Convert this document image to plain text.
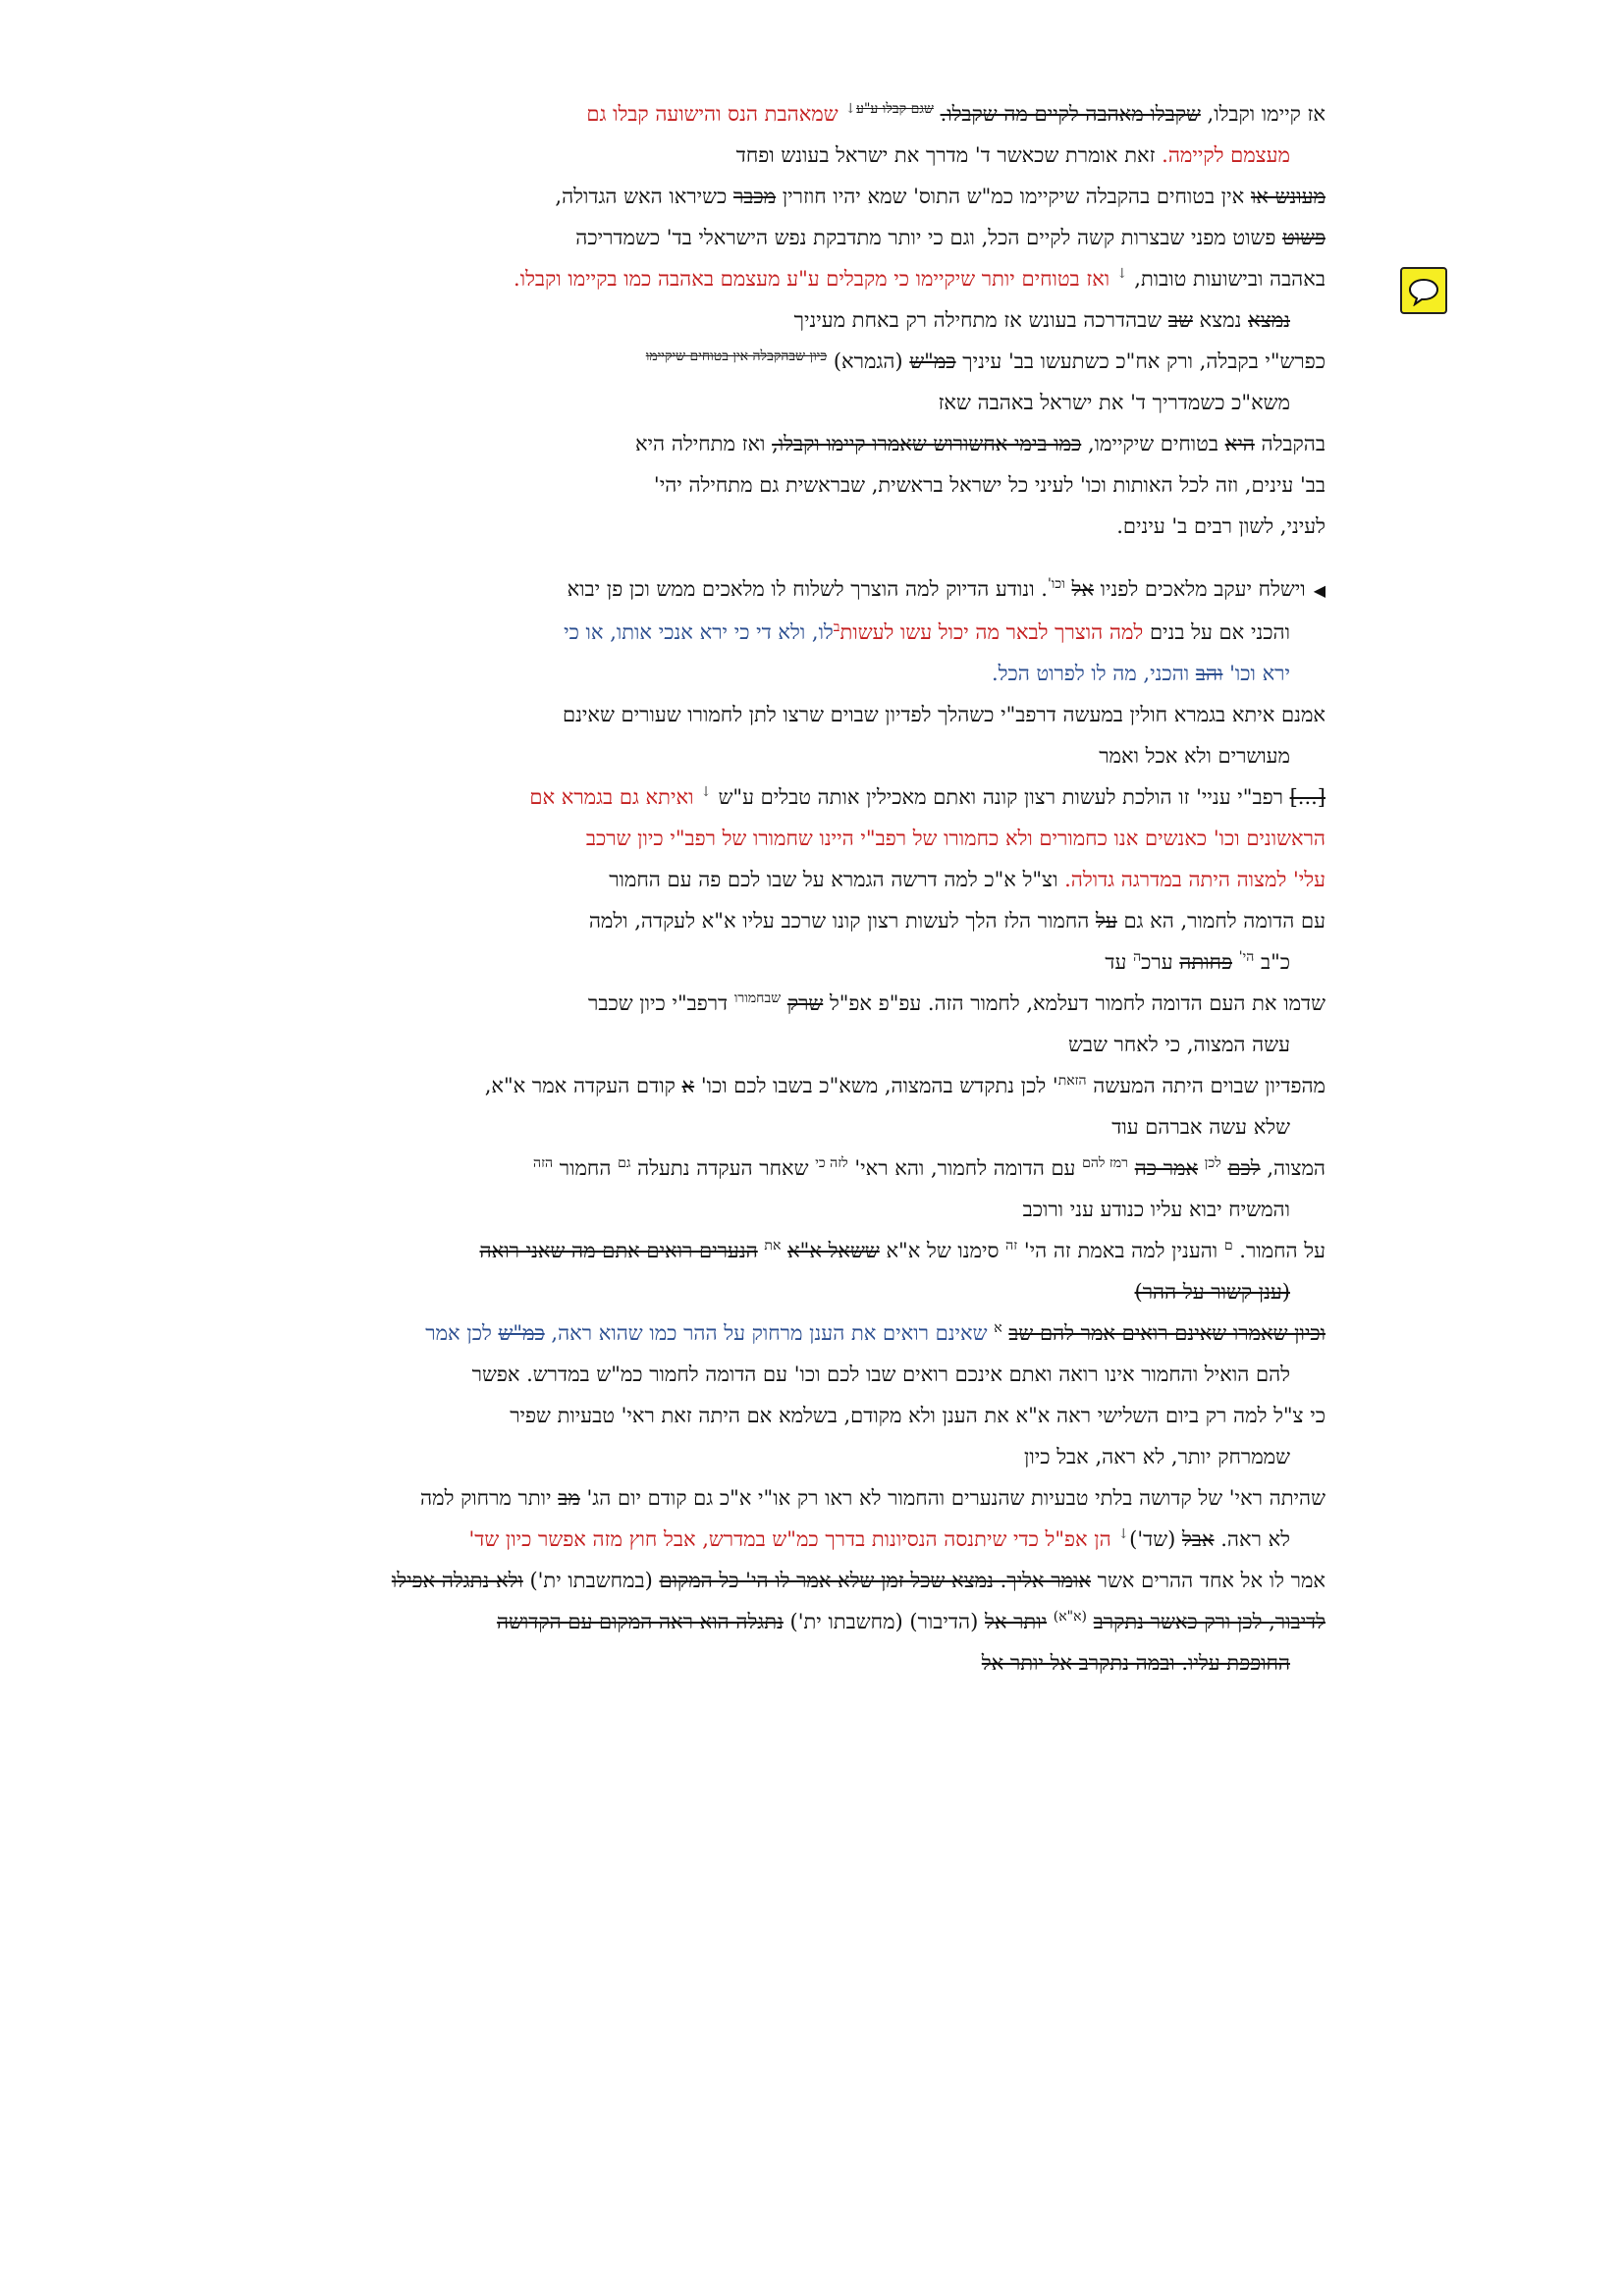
אז קיימו וקבלו, שקבלו מאהבה לקיים מה שקבלו. $^{שגם קבלו ע"ע↓}$ שמאהבת הנס והישועה קבלו גם
מעצמם לקיימה. זאת אומרת שכאשר ד' מדרך את ישראל בעונש ופחד
מעונש או אין בטוחים בהקבלה שיקיימו כמ"ש התוס' שמא יהיו חוזרין מכבר כשיראו האש הגדולה,
פשוט פשוט מפני שבצרות קשה לקיים הכל, וגם כי יותר מתדבקת נפש הישראלי בד' כשמדריכה
באהבה ובישועות טובות, ↓ ואז בטוחים יותר שיקיימו כי מקבלים ע"ע מעצמם באהבה כמו בקיימו וקבלו.
נמצא נמצא שב שבהדרכה בעונש אז מתחילה רק באחת מעיניך
כפרש"י בקבלה, ורק אח"כ כשתעשו בב' עיניך כמ"ש (הגמרא) $^{כיון שבהקבלה אין בטוחים שיקיימו}$
משא"כ כשמדריך ד' את ישראל באהבה שאז
בהקבלה היא בטוחים שיקיימו, כמו בימי אחשורוש שאמרו קיימו וקבלו, ואז מתחילה היא
בב' עינים, וזה לכל האותות וכו' לעיני כל ישראל בראשית, שבראשית גם מתחילה יהי'
לעיני, לשון רבים ב' עינים.
◀וישלח יעקב מלאכים לפניו אל $^{וכו'}$. ונודע הדיוק למה הוצרך לשלוח לו מלאכים ממש וכן פן יבוא
והכני אם על בנים למה הוצרך לבאר מה יכול עשו לעשות$^ב$לו, ולא די כי ירא אנכי אותו, או כי
ירא וכו' והב והכני, מה לו לפרוט הכל.
אמנם איתא בגמרא חולין במעשה דרפב"י כשהלך לפדיון שבוים שרצו לתן לחמורו שעורים שאינם
מעושרים ולא אכל ואמר
[...] רפב"י עניי' זו הולכת לעשות רצון קונה ואתם מאכילין אותה טבלים ע"ש ↓ ואיתא גם בגמרא אם
הראשונים וכו' כאנשים אנו כחמורים ולא כחמורו של רפב"י היינו שחמורו של רפב"י כיון שרכב
עלי' למצוה היתה במדרגה גדולה. וצ"ל א"כ למה דרשה הגמרא על שבו לכם פה עם החמור
עם הדומה לחמור, הא גם על החמור הלז הלך לעשות רצון קונו שרכב עליו א"א לעקדה, ולמה
כ"ב $^{הי'}$ פחותה ערכ$^ה$ עד
שדמו את העם הדומה לחמור דעלמא, לחמור הזה. עפ"פ אפ"ל שרק $^{שבחמורו}$ דרפב"י כיון שכבר
עשה המצוה, כי לאחר שבש
מהפדיון שבוים היתה המעשה $^{הזאת}$' לכן נתקדש בהמצוה, משא"כ בשבו לכם וכו' א קודם העקדה אמר א"א,
שלא עשה אברהם עוד
המצוה, לכם $^{לכן}$ אמר כה $^{רמז להם}$ עם הדומה לחמור, והא ראי' $^{לזה כי}$ שאחר העקדה נתעלה $^{גם}$ החמור $^{הזה}$
והמשיח יבוא עליו כנודע עני ורוכב
על החמור. $^ם$ והענין למה באמת זה הי' $^{זה}$ סימנו של א"א ששאל א"א $^{את}$ הנערים רואים אתם מה שאני רואה
(ענן קשור על ההר)
וכיון שאמרו שאינם רואים אמר להם שב $^א$ שאינם רואים את הענן מרחוק על ההר כמו שהוא ראה, כמ"ש לכן אמר
להם הואיל והחמור אינו רואה ואתם אינכם רואים שבו לכם וכו' עם הדומה לחמור כמ"ש במדרש. אפשר
כי צ"ל למה רק ביום השלישי ראה א"א את הענן ולא מקודם, בשלמא אם היתה זאת ראי' טבעיות שפיר
שממרחק יותר, לא ראה, אבל כיון
שהיתה ראי' של קדושה בלתי טבעיות שהנערים והחמור לא ראו רק או"י א"כ גם קודם יום הג' מב יותר מרחוק למה
לא ראה. אבל (שד')↓ הן אפ"ל כדי שיתנסה הנסיונות בדרך כמ"ש במדרש, אבל חוץ מזה אפשר כיון שד'
אמר לו אל אחד ההרים אשר אומר אליך. נמצא שכל זמן שלא אמר לו הי' כל המקום (במחשבתו ית') ולא נתגלה אפילו
לדיבור, לכן ורק כאשר נתקרב $^{(א"א)}$ יותר אל (הדיבור) (מחשבתו ית') נתגלה הוא ראה המקום עם הקדושה
החופפת עליו. ובמה נתקרב אל יותר אל
